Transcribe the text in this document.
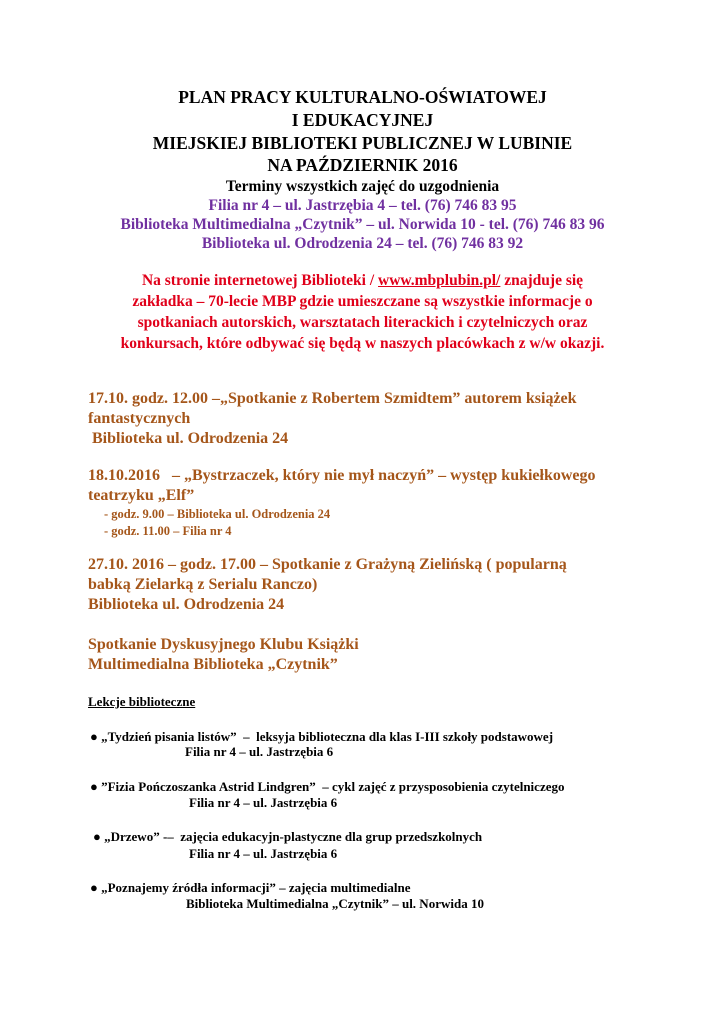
PLAN PRACY KULTURALNO-OŚWIATOWEJ
I EDUKACYJNEJ
MIEJSKIEJ BIBLIOTEKI PUBLICZNEJ W LUBINIE
NA PAŹDZIERNIK 2016
Terminy wszystkich zajęć do uzgodnienia
Filia nr 4 – ul. Jastrzębia 4 – tel. (76) 746 83 95
Biblioteka Multimedialna „Czytnik” – ul. Norwida 10 - tel. (76) 746 83 96
Biblioteka ul. Odrodzenia 24 – tel. (76) 746 83 92
Na stronie internetowej Biblioteki / www.mbplubin.pl/ znajduje się
zakładka – 70-lecie MBP gdzie umieszczane są wszystkie informacje o
spotkaniach autorskich, warsztatach literackich i czytelniczych oraz
konkursach, które odbywać się będą w naszych placówkach z w/w okazji.
17.10. godz. 12.00 –„Spotkanie z Robertem Szmidtem” autorem książek
fantastycznych
Biblioteka ul. Odrodzenia 24
18.10.2016   – „Bystrzaczek, który nie mył naczyń” – występ kukiełkowego
teatrzyku „Elf”
- godz. 9.00 – Biblioteka ul. Odrodzenia 24
- godz. 11.00 – Filia nr 4
27.10. 2016 – godz. 17.00 – Spotkanie z Grażyną Zielińską ( popularną
babką Zielarką z Serialu Ranczo)
Biblioteka ul. Odrodzenia 24
Spotkanie Dyskusyjnego Klubu Książki
Multimedialna Biblioteka „Czytnik”
Lekcje biblioteczne
● „Tydzień pisania listów”  –  leksyja biblioteczna dla klas I-III szkoły podstawowej
Filia nr 4 – ul. Jastrzębia 6
● ”Fizia Pończoszanka Astrid Lindgren”  – cykl zajęć z przysposobienia czytelniczego
Filia nr 4 – ul. Jastrzębia 6
● „Drzewo” -–  zajęcia edukacyjn-plastyczne dla grup przedszkolnych
Filia nr 4 – ul. Jastrzębia 6
● „Poznajemy źródła informacji” – zajęcia multimedialne
Biblioteka Multimedialna „Czytnik” – ul. Norwida 10
